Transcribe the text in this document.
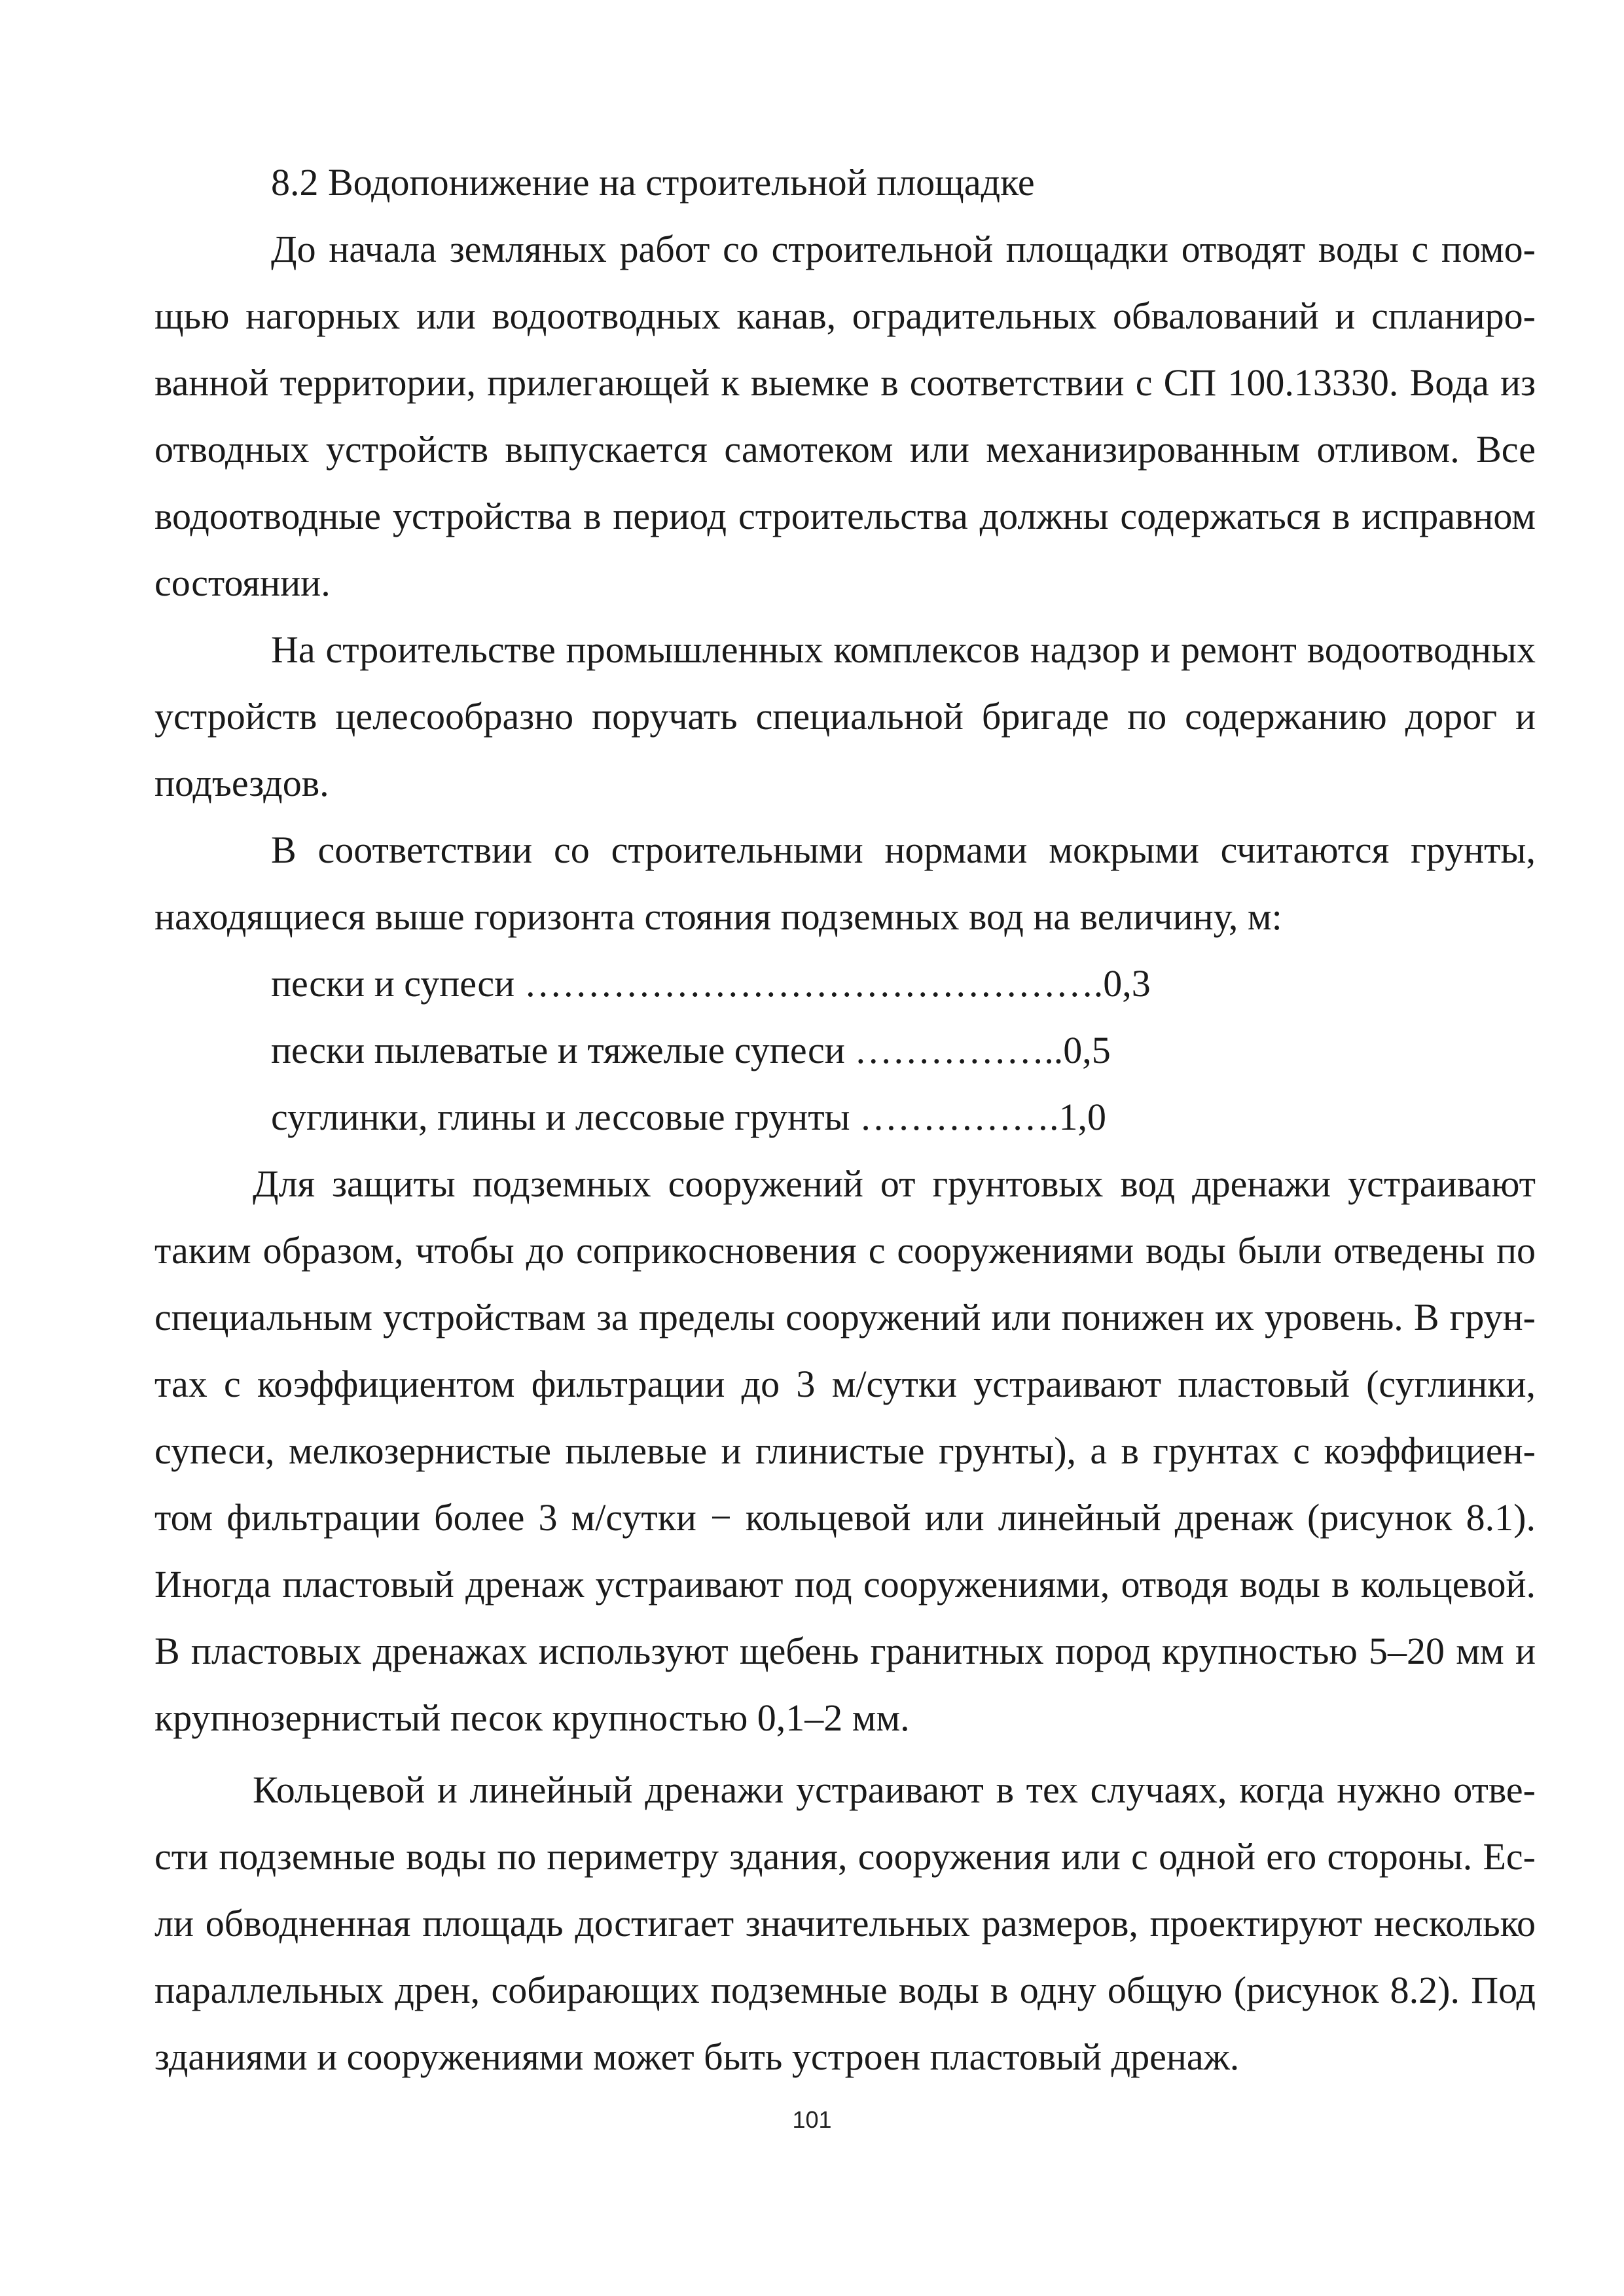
8.2 Водопонижение на строительной площадке

До начала земляных работ со строительной площадки отводят воды с помощью нагорных или водоотводных канав, оградительных обвалований и спланированной территории, прилегающей к выемке в соответствии с СП 100.13330. Вода из отводных устройств выпускается самотеком или механизированным отливом. Все водоотводные устройства в период строительства должны содержаться в исправном состоянии.

На строительстве промышленных комплексов надзор и ремонт водоотводных устройств целесообразно поручать специальной бригаде по содержанию дорог и подъездов.

В соответствии со строительными нормами мокрыми считаются грунты, находящиеся выше горизонта стояния подземных вод на величину, м:

пески и супеси ……………………………………….0,3
пески пылеватые и тяжелые супеси ……………..0,5
суглинки, глины и лессовые грунты …………….1,0

Для защиты подземных сооружений от грунтовых вод дренажи устраивают таким образом, чтобы до соприкосновения с сооружениями воды были отведены по специальным устройствам за пределы сооружений или понижен их уровень. В грунтах с коэффициентом фильтрации до 3 м/сутки устраивают пластовый (суглинки, супеси, мелкозернистые пылевые и глинистые грунты), а в грунтах с коэффициентом фильтрации более 3 м/сутки − кольцевой или линейный дренаж (рисунок 8.1). Иногда пластовый дренаж устраивают под сооружениями, отводя воды в кольцевой. В пластовых дренажах используют щебень гранитных пород крупностью 5–20 мм и крупнозернистый песок крупностью 0,1–2 мм.

Кольцевой и линейный дренажи устраивают в тех случаях, когда нужно отвести подземные воды по периметру здания, сооружения или с одной его стороны. Если обводненная площадь достигает значительных размеров, проектируют несколько параллельных дрен, собирающих подземные воды в одну общую (рисунок 8.2). Под зданиями и сооружениями может быть устроен пластовый дренаж.

101
